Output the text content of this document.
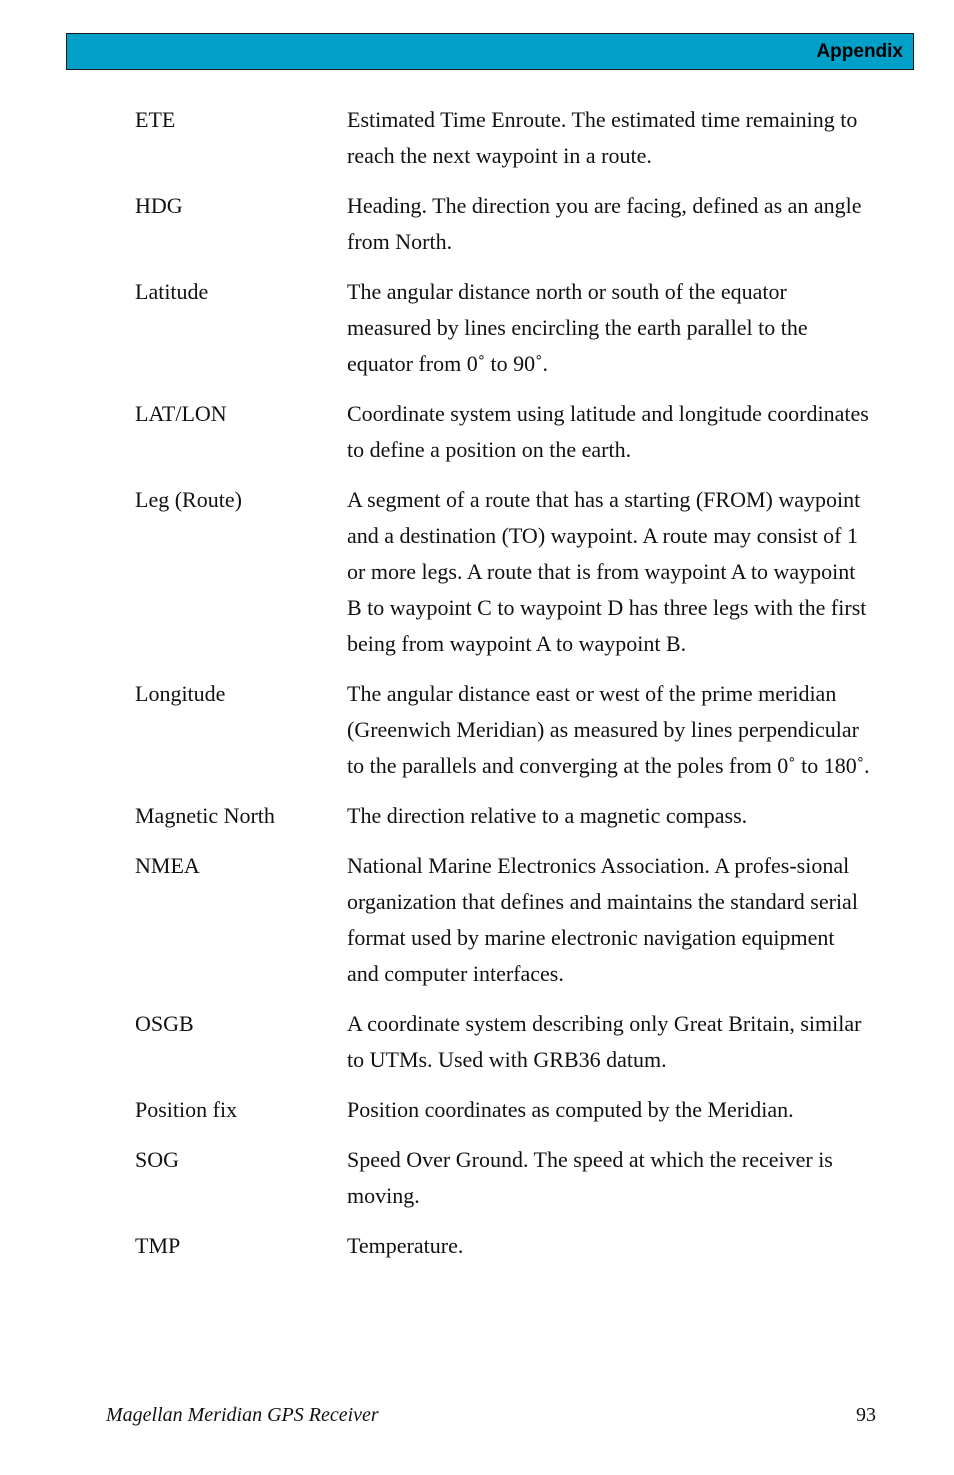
Appendix
ETE	Estimated Time Enroute. The estimated time remaining to reach the next waypoint in a route.
HDG	Heading. The direction you are facing, defined as an angle from North.
Latitude	The angular distance north or south of the equator measured by lines encircling the earth parallel to the equator from 0˚ to 90˚.
LAT/LON	Coordinate system using latitude and longitude coordinates to define a position on the earth.
Leg (Route)	A segment of a route that has a starting (FROM) waypoint and a destination (TO) waypoint. A route may consist of 1 or more legs. A route that is from waypoint A to waypoint B to waypoint C to waypoint D has three legs with the first being from waypoint A to waypoint B.
Longitude	The angular distance east or west of the prime meridian (Greenwich Meridian) as measured by lines perpendicular to the parallels and converging at the poles from 0˚ to 180˚.
Magnetic North	The direction relative to a magnetic compass.
NMEA	National Marine Electronics Association. A profes-sional organization that defines and maintains the standard serial format used by marine electronic navigation equipment and computer interfaces.
OSGB	A coordinate system describing only Great Britain, similar to UTMs. Used with GRB36 datum.
Position fix	Position coordinates as computed by the Meridian.
SOG	Speed Over Ground. The speed at which the receiver is moving.
TMP	Temperature.
Magellan Meridian GPS Receiver	93
